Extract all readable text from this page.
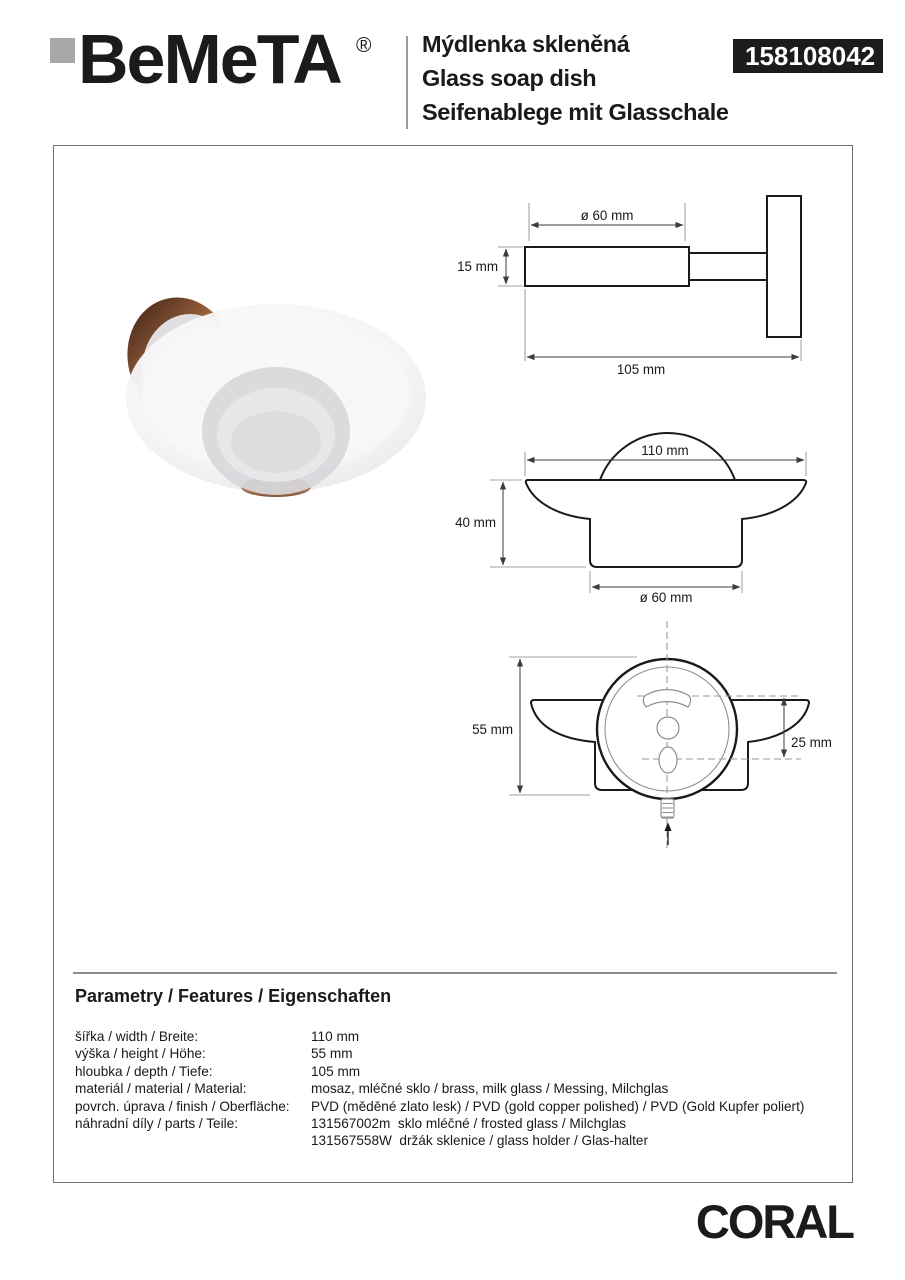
BeMeTA ® Mýdlenka skleněná
Glass soap dish
Seifenablege mit Glasschale
158108042
ø 60 mm
15 mm
105 mm
110 mm
40 mm
ø 60 mm
55 mm
25 mm
Parametry / Features / Eigenschaften
šířka / width / Breite:	110 mm
výška / height / Höhe:	55 mm
hloubka / depth / Tiefe:	105 mm
materiál / material / Material:	mosaz, mléčné sklo / brass, milk glass / Messing, Milchglas
povrch. úprava / finish / Oberfläche:	PVD (měděné zlato lesk) / PVD (gold copper polished) / PVD (Gold Kupfer poliert)
náhradní díly / parts / Teile:	131567002m  sklo mléčné / frosted glass / Milchglas
131567558W  držák sklenice / glass holder / Glas-halter
CORAL
